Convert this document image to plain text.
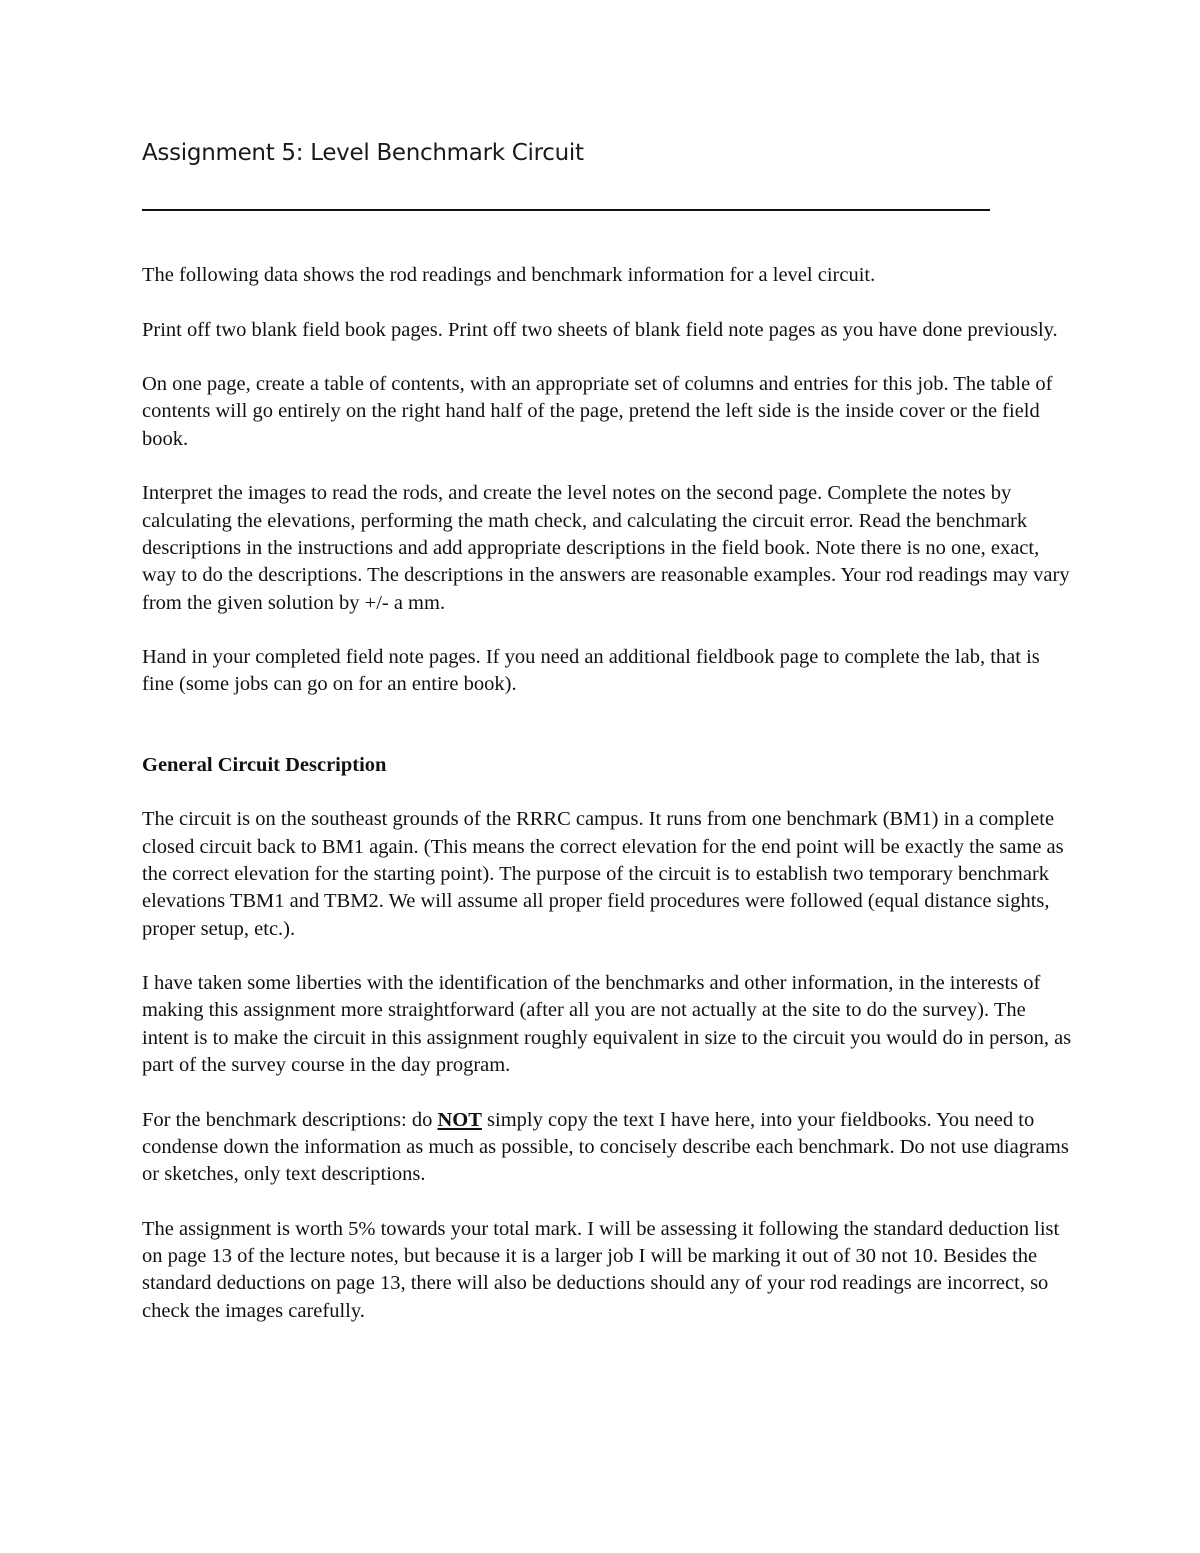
Assignment 5: Level Benchmark Circuit

The following data shows the rod readings and benchmark information for a level circuit.

Print off two blank field book pages. Print off two sheets of blank field note pages as you have done previously.

On one page, create a table of contents, with an appropriate set of columns and entries for this job. The table of contents will go entirely on the right hand half of the page, pretend the left side is the inside cover or the field book.

Interpret the images to read the rods, and create the level notes on the second page. Complete the notes by calculating the elevations, performing the math check, and calculating the circuit error. Read the benchmark descriptions in the instructions and add appropriate descriptions in the field book. Note there is no one, exact, way to do the descriptions. The descriptions in the answers are reasonable examples. Your rod readings may vary from the given solution by +/- a mm.

Hand in your completed field note pages. If you need an additional fieldbook page to complete the lab, that is fine (some jobs can go on for an entire book).

General Circuit Description

The circuit is on the southeast grounds of the RRRC campus. It runs from one benchmark (BM1) in a complete closed circuit back to BM1 again. (This means the correct elevation for the end point will be exactly the same as the correct elevation for the starting point). The purpose of the circuit is to establish two temporary benchmark elevations TBM1 and TBM2. We will assume all proper field procedures were followed (equal distance sights, proper setup, etc.).

I have taken some liberties with the identification of the benchmarks and other information, in the interests of making this assignment more straightforward (after all you are not actually at the site to do the survey). The intent is to make the circuit in this assignment roughly equivalent in size to the circuit you would do in person, as part of the survey course in the day program.

For the benchmark descriptions: do NOT simply copy the text I have here, into your fieldbooks. You need to condense down the information as much as possible, to concisely describe each benchmark. Do not use diagrams or sketches, only text descriptions.

The assignment is worth 5% towards your total mark. I will be assessing it following the standard deduction list on page 13 of the lecture notes, but because it is a larger job I will be marking it out of 30 not 10. Besides the standard deductions on page 13, there will also be deductions should any of your rod readings are incorrect, so check the images carefully.
